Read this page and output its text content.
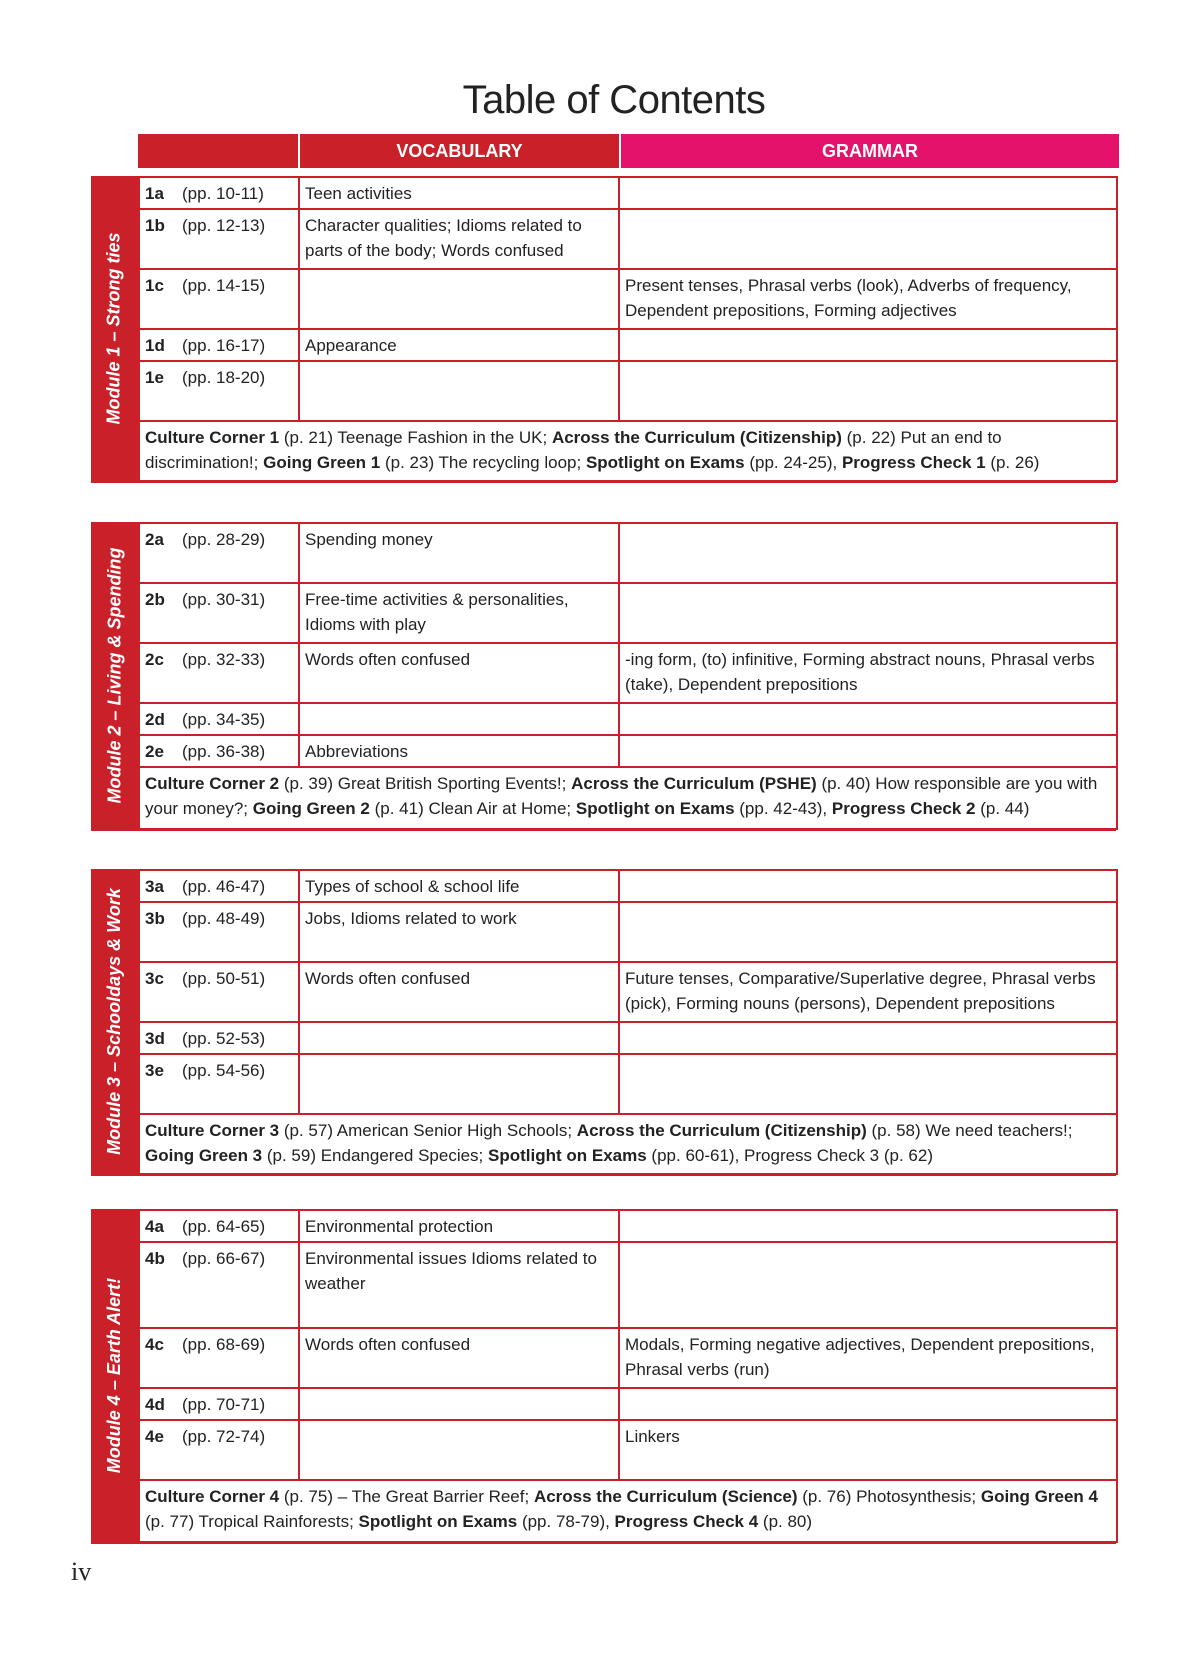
Table of Contents
VOCABULARY	GRAMMAR
Module 1 – Strong ties
1a (pp. 10-11)	Teen activities	
1b (pp. 12-13)	Character qualities; Idioms related to parts of the body; Words confused	
1c (pp. 14-15)		Present tenses, Phrasal verbs (look), Adverbs of frequency, Dependent prepositions, Forming adjectives
1d (pp. 16-17)	Appearance	
1e (pp. 18-20)		
Culture Corner 1 (p. 21) Teenage Fashion in the UK; Across the Curriculum (Citizenship) (p. 22) Put an end to discrimination!; Going Green 1 (p. 23) The recycling loop; Spotlight on Exams (pp. 24-25), Progress Check 1 (p. 26)		
Module 2 – Living & Spending
2a (pp. 28-29)	Spending money	
2b (pp. 30-31)	Free-time activities & personalities, Idioms with play	
2c (pp. 32-33)	Words often confused	-ing form, (to) infinitive, Forming abstract nouns, Phrasal verbs (take), Dependent prepositions
2d (pp. 34-35)		
2e (pp. 36-38)	Abbreviations	
Culture Corner 2 (p. 39) Great British Sporting Events!; Across the Curriculum (PSHE) (p. 40) How responsible are you with your money?; Going Green 2 (p. 41) Clean Air at Home; Spotlight on Exams (pp. 42-43), Progress Check 2 (p. 44)		
Module 3 – Schooldays & Work
3a (pp. 46-47)	Types of school & school life	
3b (pp. 48-49)	Jobs, Idioms related to work	
3c (pp. 50-51)	Words often confused	Future tenses, Comparative/Superlative degree, Phrasal verbs (pick), Forming nouns (persons), Dependent prepositions
3d (pp. 52-53)		
3e (pp. 54-56)		
Culture Corner 3 (p. 57) American Senior High Schools; Across the Curriculum (Citizenship) (p. 58) We need teachers!; Going Green 3 (p. 59) Endangered Species; Spotlight on Exams (pp. 60-61), Progress Check 3 (p. 62)		
Module 4 – Earth Alert!
4a (pp. 64-65)	Environmental protection	
4b (pp. 66-67)	Environmental issues Idioms related to weather	
4c (pp. 68-69)	Words often confused	Modals, Forming negative adjectives, Dependent prepositions, Phrasal verbs (run)
4d (pp. 70-71)		
4e (pp. 72-74)		Linkers
Culture Corner 4 (p. 75) – The Great Barrier Reef; Across the Curriculum (Science) (p. 76) Photosynthesis; Going Green 4 (p. 77) Tropical Rainforests; Spotlight on Exams (pp. 78-79), Progress Check 4 (p. 80)		
iv
